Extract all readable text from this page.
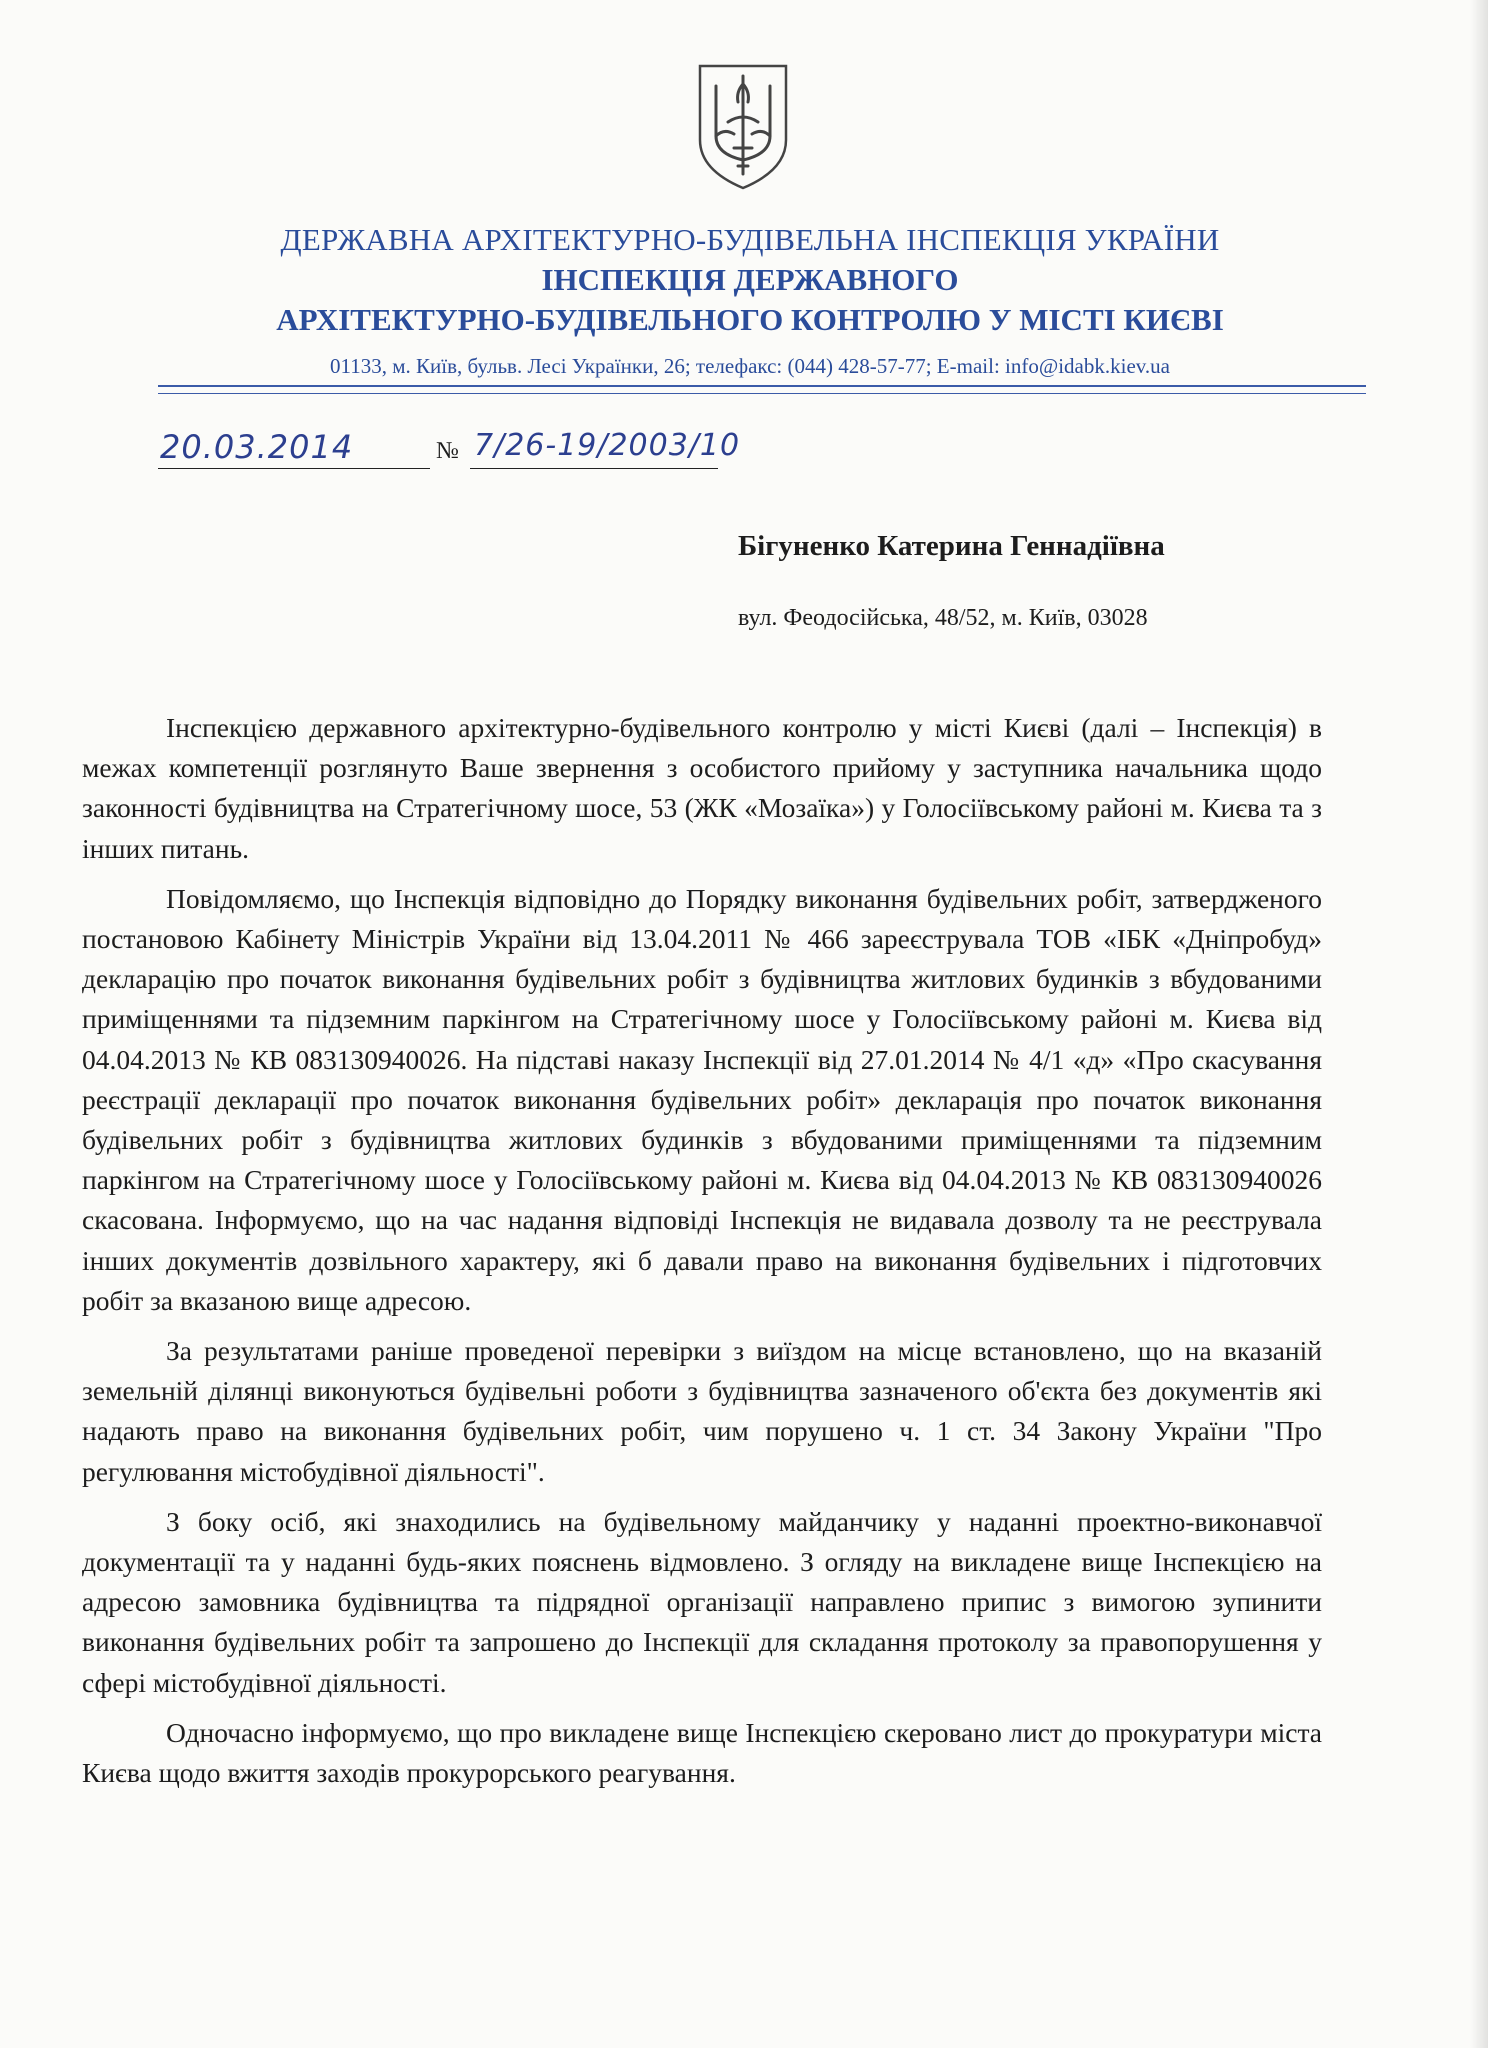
ДЕРЖАВНА АРХІТЕКТУРНО-БУДІВЕЛЬНА ІНСПЕКЦІЯ УКРАЇНИ
ІНСПЕКЦІЯ ДЕРЖАВНОГО
АРХІТЕКТУРНО-БУДІВЕЛЬНОГО КОНТРОЛЮ У МІСТІ КИЄВІ
01133, м. Київ, бульв. Лесі Українки, 26; телефакс: (044) 428-57-77; E-mail: info@idabk.kiev.ua
20.03.2014	№ 7/26-19/2003/10
Бігуненко Катерина Геннадіївна
вул. Феодосійська, 48/52, м. Київ, 03028

Інспекцією державного архітектурно-будівельного контролю у місті Києві (далі – Інспекція) в межах компетенції розглянуто Ваше звернення з особистого прийому у заступника начальника щодо законності будівництва на Стратегічному шосе, 53 (ЖК «Мозаїка») у Голосіївському районі м. Києва та з інших питань.

Повідомляємо, що Інспекція відповідно до Порядку виконання будівельних робіт, затвердженого постановою Кабінету Міністрів України від 13.04.2011 № 466 зареєструвала ТОВ «ІБК «Дніпробуд» декларацію про початок виконання будівельних робіт з будівництва житлових будинків з вбудованими приміщеннями та підземним паркінгом на Стратегічному шосе у Голосіївському районі м. Києва від 04.04.2013 № КВ 083130940026. На підставі наказу Інспекції від 27.01.2014 № 4/1 «д» «Про скасування реєстрації декларації про початок виконання будівельних робіт» декларація про початок виконання будівельних робіт з будівництва житлових будинків з вбудованими приміщеннями та підземним паркінгом на Стратегічному шосе у Голосіївському районі м. Києва від 04.04.2013 № КВ 083130940026 скасована. Інформуємо, що на час надання відповіді Інспекція не видавала дозволу та не реєструвала інших документів дозвільного характеру, які б давали право на виконання будівельних і підготовчих робіт за вказаною вище адресою.

За результатами раніше проведеної перевірки з виїздом на місце встановлено, що на вказаній земельній ділянці виконуються будівельні роботи з будівництва зазначеного об'єкта без документів які надають право на виконання будівельних робіт, чим порушено ч. 1 ст. 34 Закону України "Про регулювання містобудівної діяльності".

З боку осіб, які знаходились на будівельному майданчику у наданні проектно-виконавчої документації та у наданні будь-яких пояснень відмовлено. З огляду на викладене вище Інспекцією на адресою замовника будівництва та підрядної організації направлено припис з вимогою зупинити виконання будівельних робіт та запрошено до Інспекції для складання протоколу за правопорушення у сфері містобудівної діяльності.

Одночасно інформуємо, що про викладене вище Інспекцією скеровано лист до прокуратури міста Києва щодо вжиття заходів прокурорського реагування.
